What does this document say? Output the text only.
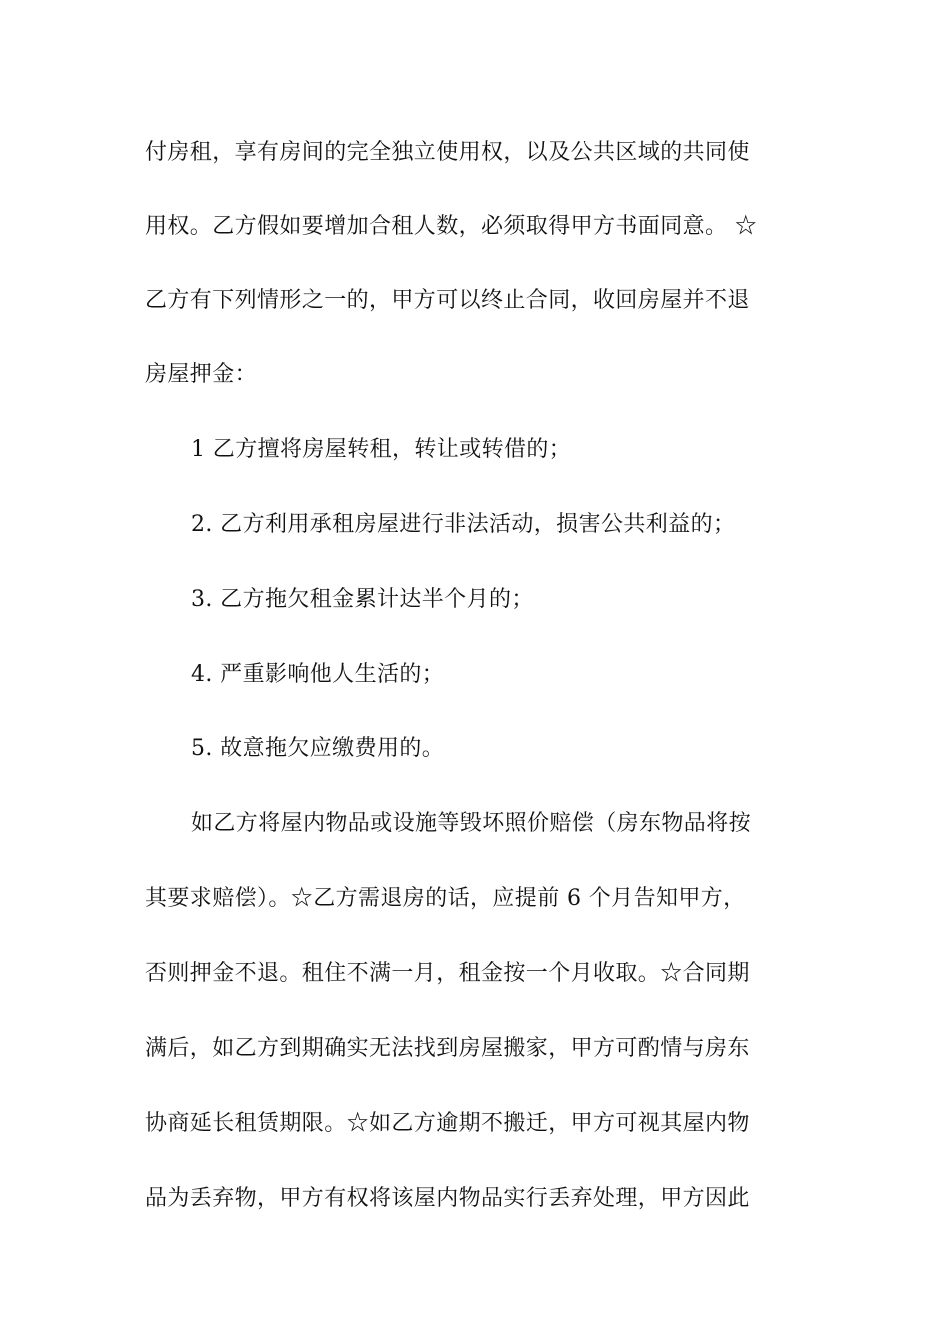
付房租，享有房间的完全独立使用权，以及公共区域的共同使
用权。乙方假如要增加合租人数，必须取得甲方书面同意。 ☆
乙方有下列情形之一的，甲方可以终止合同，收回房屋并不退
房屋押金：
1 乙方擅将房屋转租，转让或转借的；
2. 乙方利用承租房屋进行非法活动，损害公共利益的；
3. 乙方拖欠租金累计达半个月的；
4. 严重影响他人生活的；
5. 故意拖欠应缴费用的。
如乙方将屋内物品或设施等毁坏照价赔偿（房东物品将按
其要求赔偿）。☆乙方需退房的话，应提前 6 个月告知甲方，
否则押金不退。租住不满一月，租金按一个月收取。☆合同期
满后，如乙方到期确实无法找到房屋搬家，甲方可酌情与房东
协商延长租赁期限。☆如乙方逾期不搬迁，甲方可视其屋内物
品为丢弃物，甲方有权将该屋内物品实行丢弃处理，甲方因此
